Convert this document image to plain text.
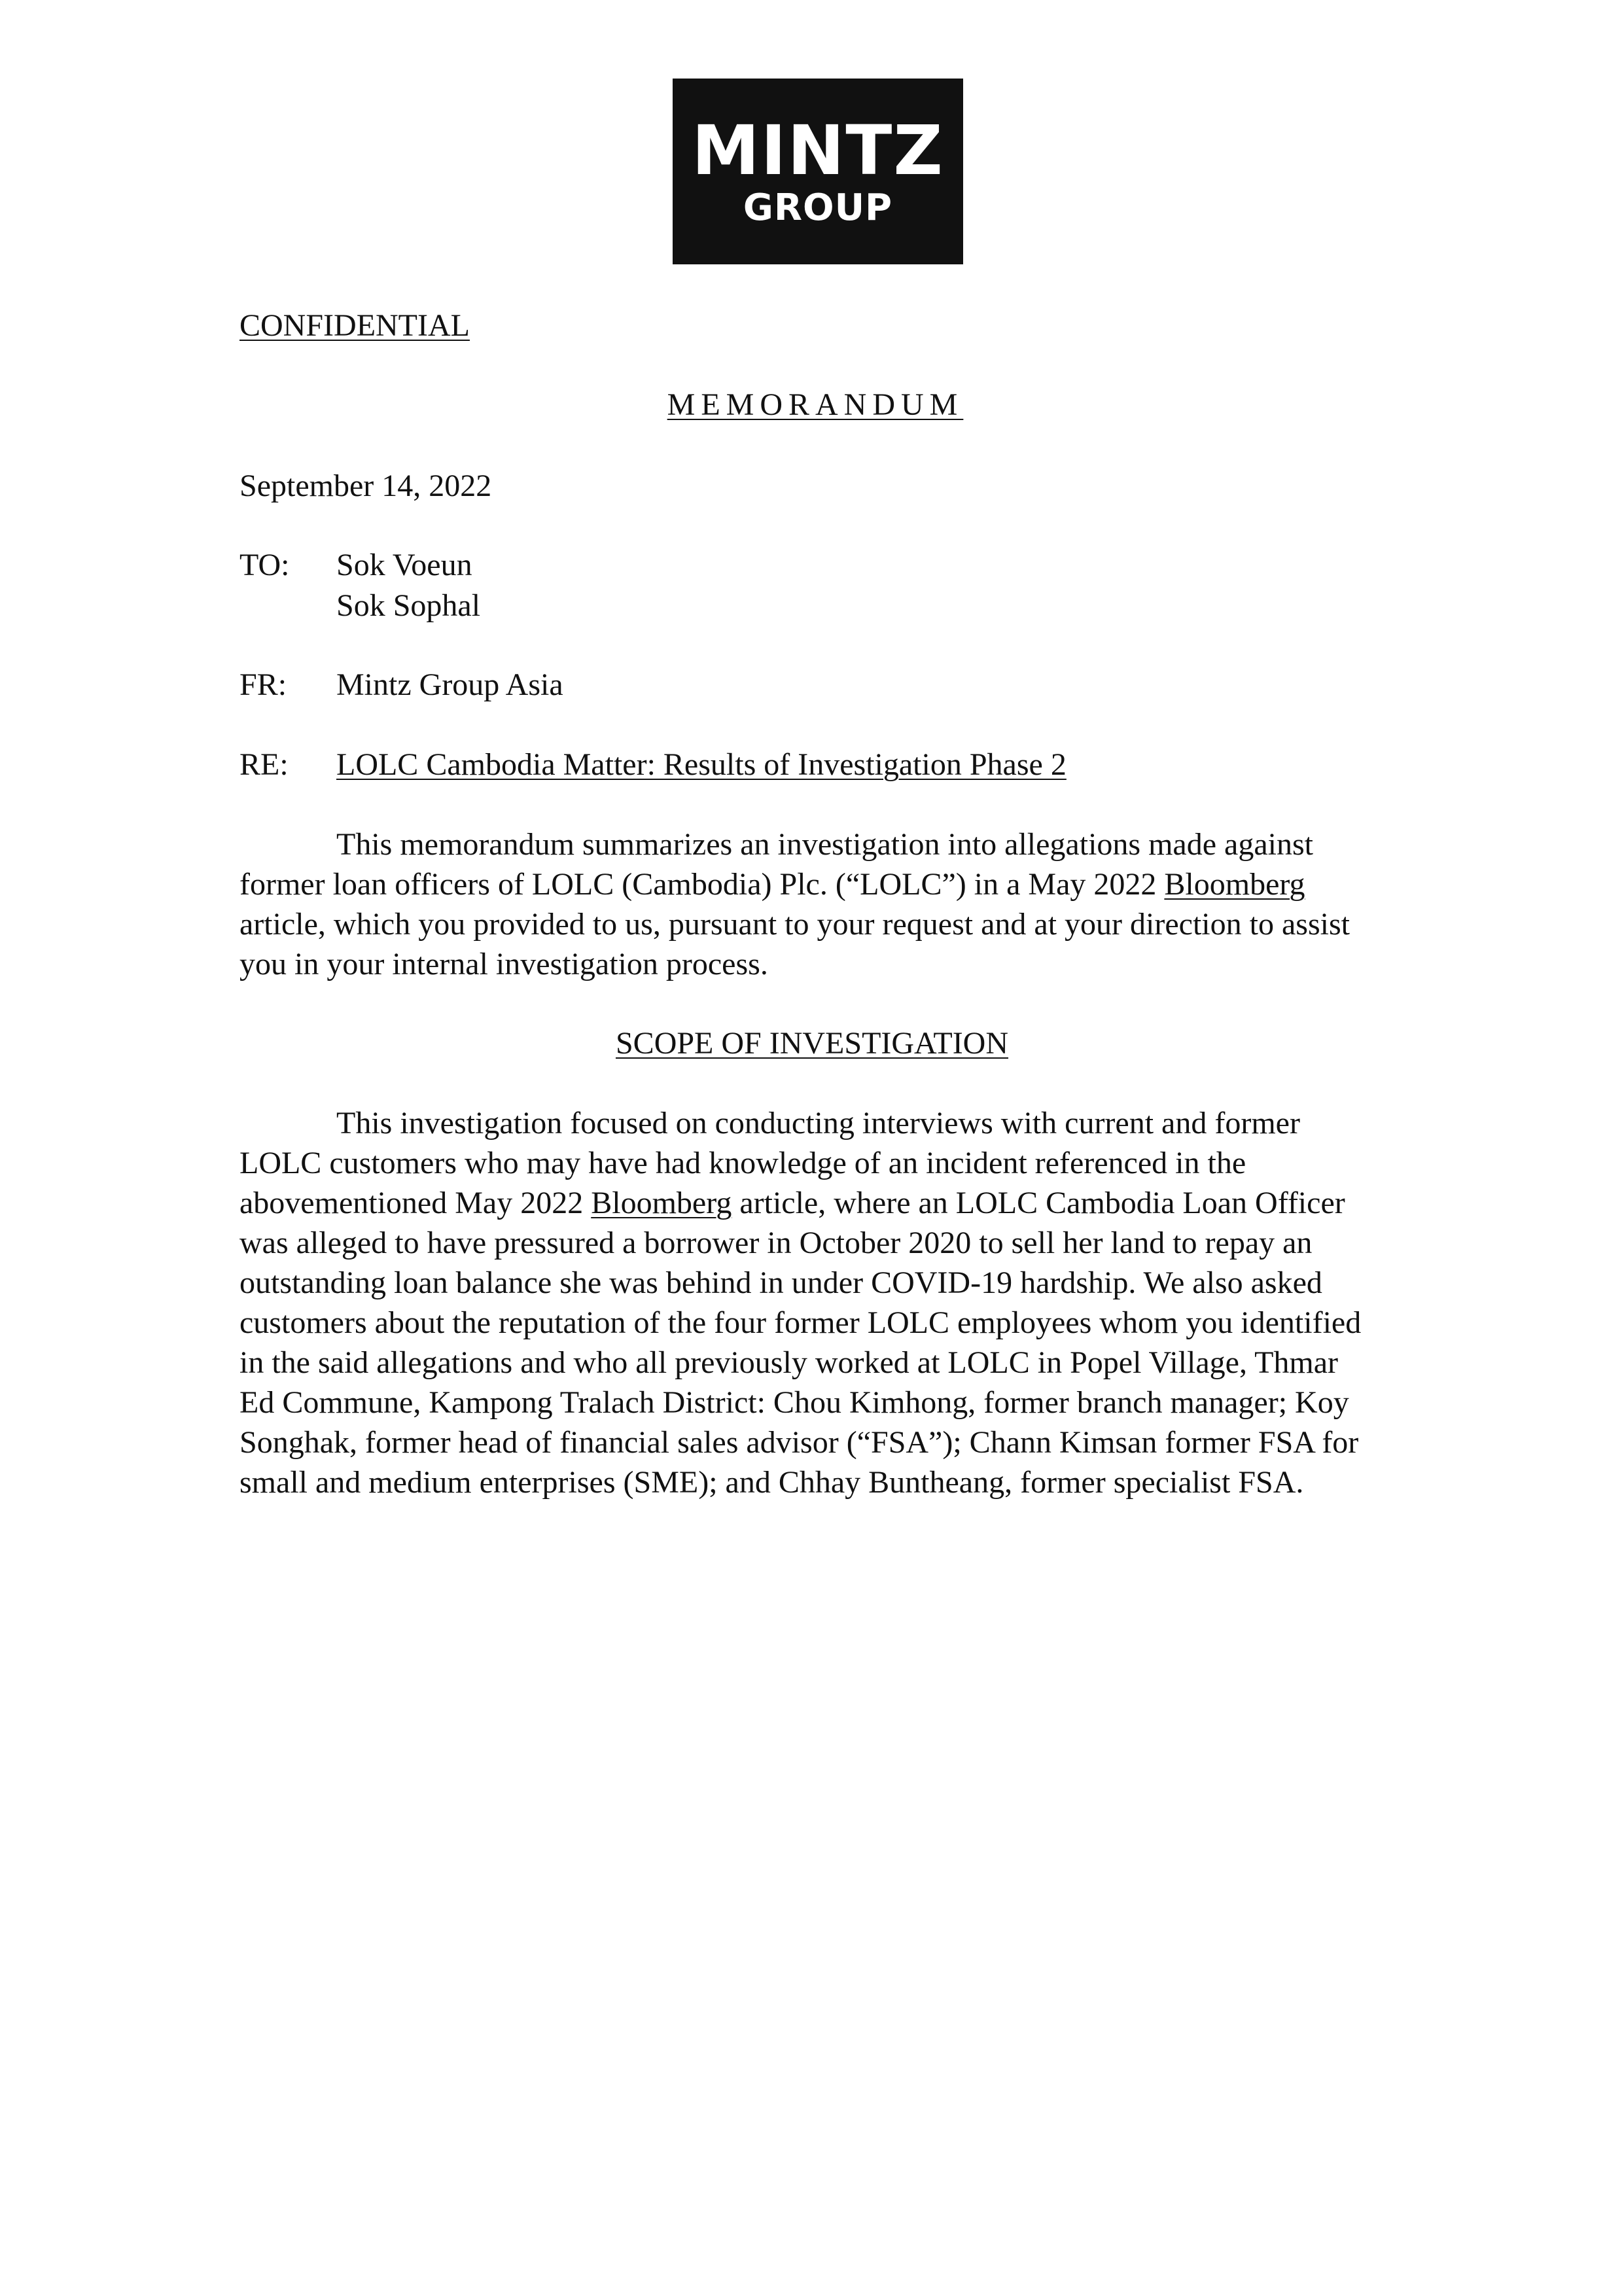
MINTZ
GROUP
CONFIDENTIAL
MEMORANDUM
September 14, 2022
TO: Sok Voeun
Sok Sophal
FR: Mintz Group Asia
RE: LOLC Cambodia Matter: Results of Investigation Phase 2
This memorandum summarizes an investigation into allegations made against
former loan officers of LOLC (Cambodia) Plc. (“LOLC”) in a May 2022 Bloomberg
article, which you provided to us, pursuant to your request and at your direction to assist
you in your internal investigation process.
SCOPE OF INVESTIGATION
This investigation focused on conducting interviews with current and former
LOLC customers who may have had knowledge of an incident referenced in the
abovementioned May 2022 Bloomberg article, where an LOLC Cambodia Loan Officer
was alleged to have pressured a borrower in October 2020 to sell her land to repay an
outstanding loan balance she was behind in under COVID-19 hardship. We also asked
customers about the reputation of the four former LOLC employees whom you identified
in the said allegations and who all previously worked at LOLC in Popel Village, Thmar
Ed Commune, Kampong Tralach District: Chou Kimhong, former branch manager; Koy
Songhak, former head of financial sales advisor (“FSA”); Chann Kimsan former FSA for
small and medium enterprises (SME); and Chhay Buntheang, former specialist FSA.
